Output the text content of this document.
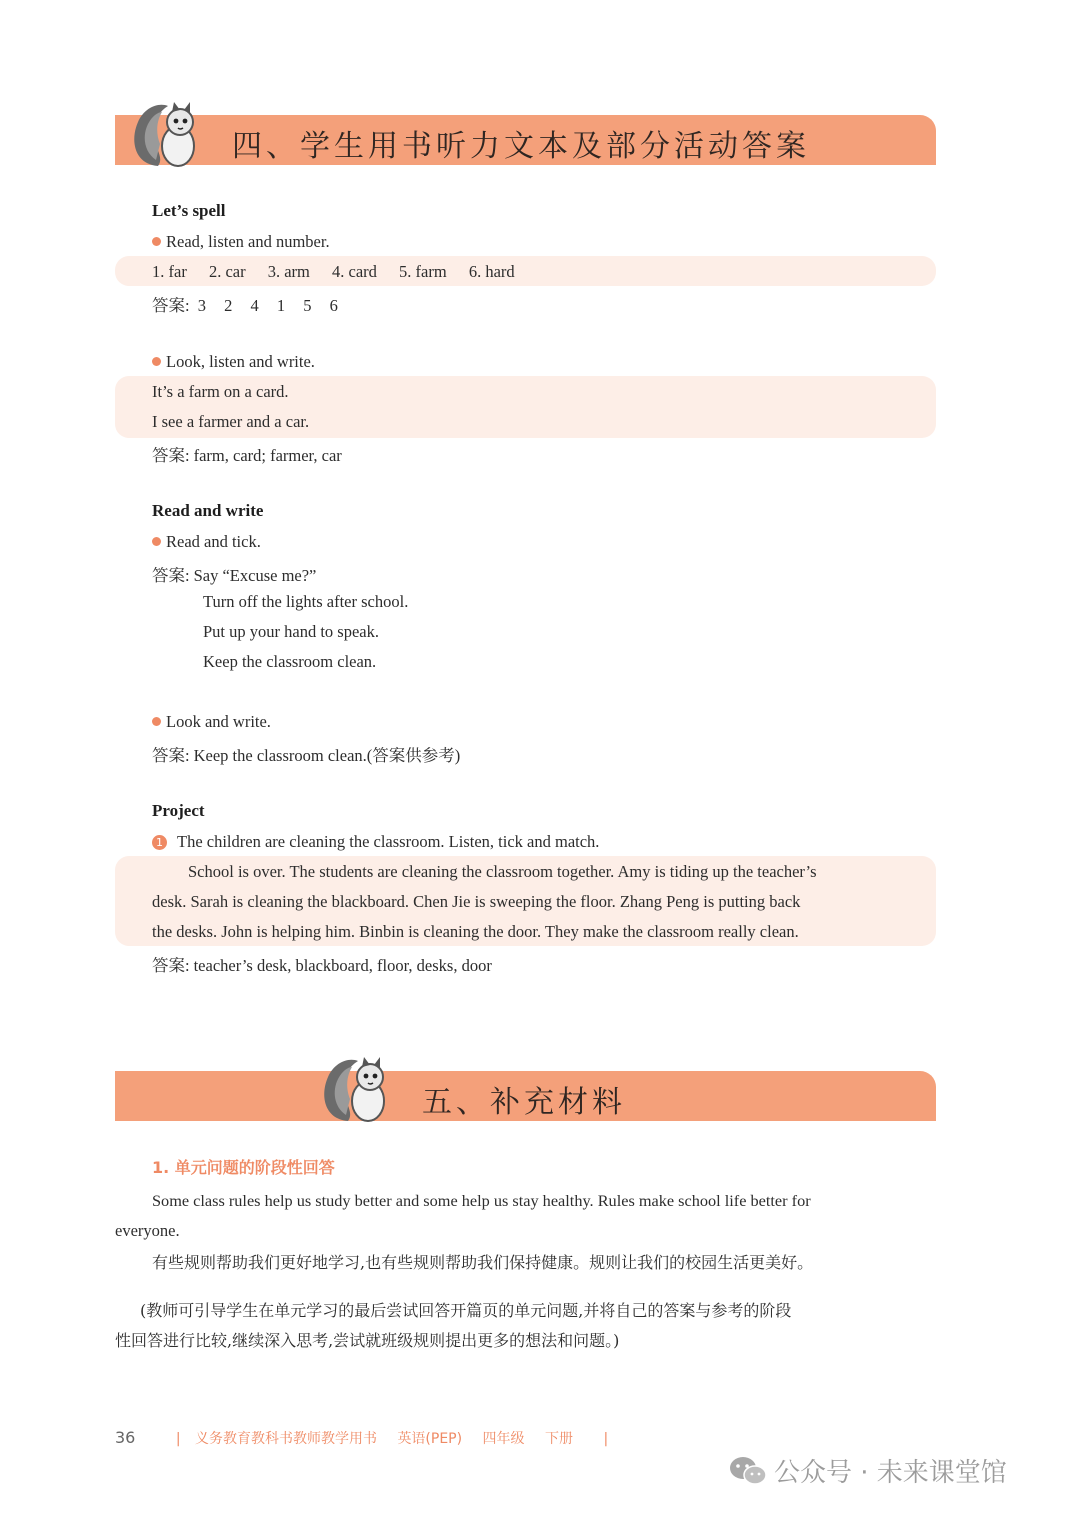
四、学生用书听力文本及部分活动答案
Let’s spell
Read, listen and number.
1. far 2. car 3. arm 4. card 5. farm 6. hard
答案: 3 2 4 1 5 6
Look, listen and write.
It’s a farm on a card.
I see a farmer and a car.
答案: farm, card; farmer, car
Read and write
Read and tick.
答案: Say “Excuse me?”
Turn off the lights after school.
Put up your hand to speak.
Keep the classroom clean.
Look and write.
答案: Keep the classroom clean.(答案供参考)
Project
1 The children are cleaning the classroom. Listen, tick and match.
School is over. The students are cleaning the classroom together. Amy is tiding up the teacher’s
desk. Sarah is cleaning the blackboard. Chen Jie is sweeping the floor. Zhang Peng is putting back
the desks. John is helping him. Binbin is cleaning the door. They make the classroom really clean.
答案: teacher’s desk, blackboard, floor, desks, door
五、补充材料
1. 单元问题的阶段性回答
Some class rules help us study better and some help us stay healthy. Rules make school life better for
everyone.
有些规则帮助我们更好地学习,也有些规则帮助我们保持健康。规则让我们的校园生活更美好。
(教师可引导学生在单元学习的最后尝试回答开篇页的单元问题,并将自己的答案与参考的阶段
性回答进行比较,继续深入思考,尝试就班级规则提出更多的想法和问题。)
36	| 义务教育教科书教师教学用书 英语(PEP) 四年级 下册 |
公众号 · 未来课堂馆
